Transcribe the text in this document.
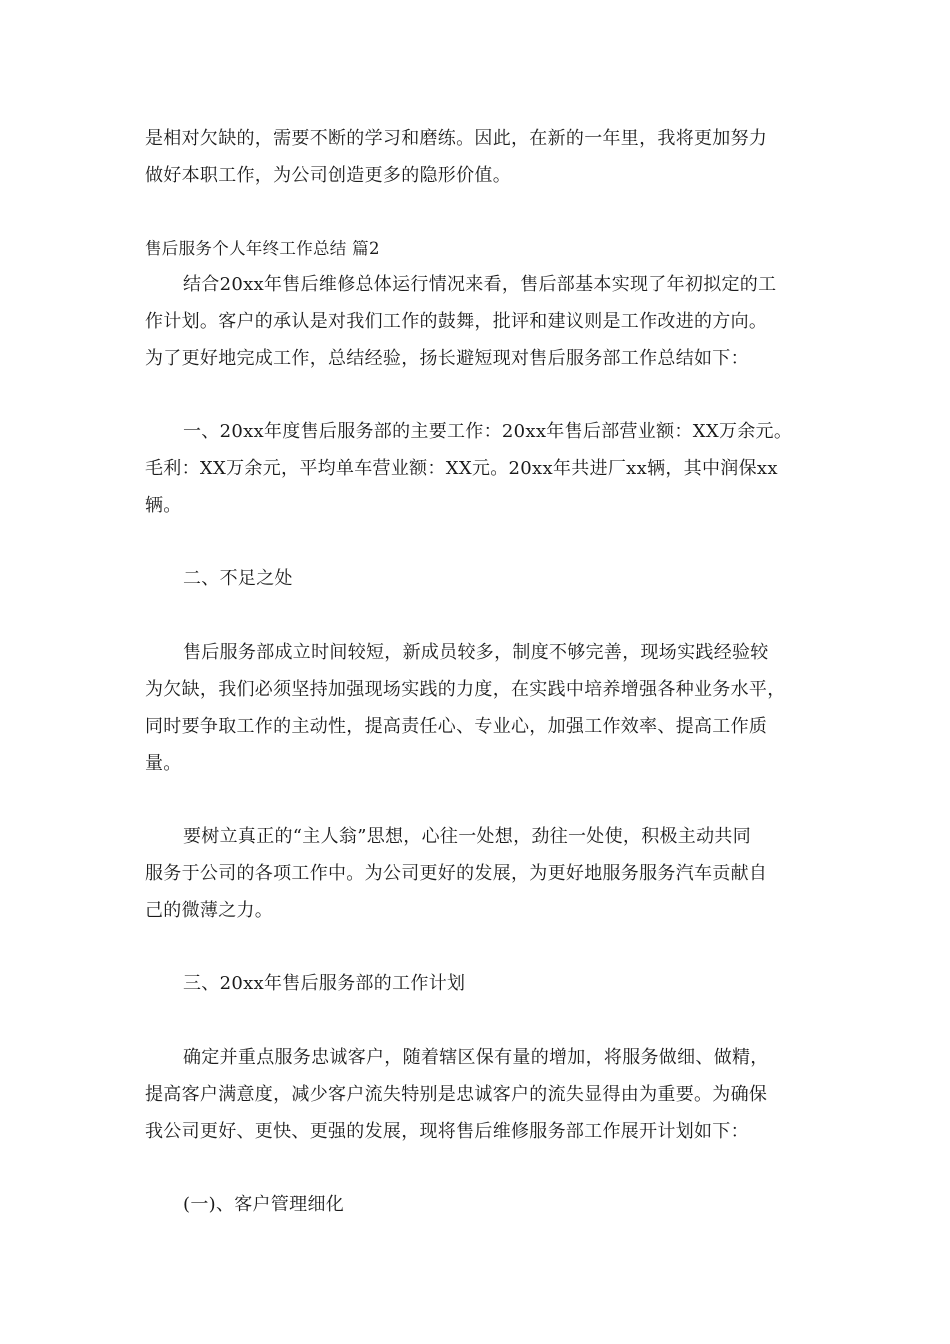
是相对欠缺的，需要不断的学习和磨练。因此，在新的一年里，我将更加努力
做好本职工作，为公司创造更多的隐形价值。
售后服务个人年终工作总结 篇2
结合20xx年售后维修总体运行情况来看，售后部基本实现了年初拟定的工
作计划。客户的承认是对我们工作的鼓舞，批评和建议则是工作改进的方向。
为了更好地完成工作，总结经验，扬长避短现对售后服务部工作总结如下：
一、20xx年度售后服务部的主要工作：20xx年售后部营业额：XX万余元。
毛利：XX万余元，平均单车营业额：XX元。20xx年共进厂xx辆，其中润保xx
辆。
二、不足之处
售后服务部成立时间较短，新成员较多，制度不够完善，现场实践经验较
为欠缺，我们必须坚持加强现场实践的力度，在实践中培养增强各种业务水平，
同时要争取工作的主动性，提高责任心、专业心，加强工作效率、提高工作质
量。
要树立真正的“主人翁”思想，心往一处想，劲往一处使，积极主动共同
服务于公司的各项工作中。为公司更好的发展，为更好地服务服务汽车贡献自
己的微薄之力。
三、20xx年售后服务部的工作计划
确定并重点服务忠诚客户，随着辖区保有量的增加，将服务做细、做精，
提高客户满意度，减少客户流失特别是忠诚客户的流失显得由为重要。为确保
我公司更好、更快、更强的发展，现将售后维修服务部工作展开计划如下：
(一)、客户管理细化
